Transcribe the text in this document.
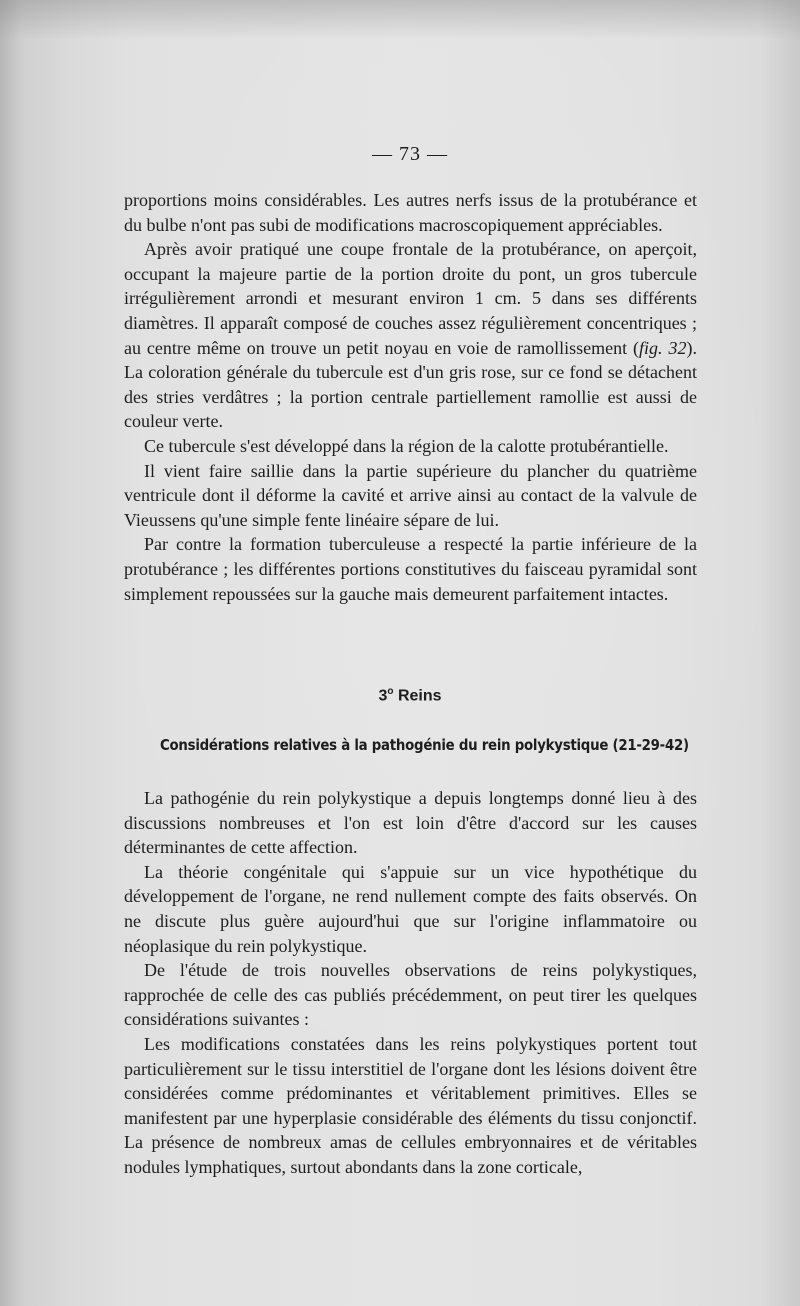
— 73 —

proportions moins considérables. Les autres nerfs issus de la protubérance et du bulbe n'ont pas subi de modifications macroscopiquement appréciables.

Après avoir pratiqué une coupe frontale de la protubérance, on aperçoit, occupant la majeure partie de la portion droite du pont, un gros tubercule irrégulièrement arrondi et mesurant environ 1 cm. 5 dans ses différents diamètres. Il apparaît composé de couches assez régulièrement concentriques ; au centre même on trouve un petit noyau en voie de ramollissement (fig. 32). La coloration générale du tubercule est d'un gris rose, sur ce fond se détachent des stries verdâtres ; la portion centrale partiellement ramollie est aussi de couleur verte.

Ce tubercule s'est développé dans la région de la calotte protubérantielle.

Il vient faire saillie dans la partie supérieure du plancher du quatrième ventricule dont il déforme la cavité et arrive ainsi au contact de la valvule de Vieussens qu'une simple fente linéaire sépare de lui.

Par contre la formation tuberculeuse a respecté la partie inférieure de la protubérance ; les différentes portions constitutives du faisceau pyramidal sont simplement repoussées sur la gauche mais demeurent parfaitement intactes.

3$^o$ Reins
Considérations relatives à la pathogénie du rein polykystique (21-29-42)

La pathogénie du rein polykystique a depuis longtemps donné lieu à des discussions nombreuses et l'on est loin d'être d'accord sur les causes déterminantes de cette affection.

La théorie congénitale qui s'appuie sur un vice hypothétique du développement de l'organe, ne rend nullement compte des faits observés. On ne discute plus guère aujourd'hui que sur l'origine inflammatoire ou néoplasique du rein polykystique.

De l'étude de trois nouvelles observations de reins polykystiques, rapprochée de celle des cas publiés précédemment, on peut tirer les quelques considérations suivantes :

Les modifications constatées dans les reins polykystiques portent tout particulièrement sur le tissu interstitiel de l'organe dont les lésions doivent être considérées comme prédominantes et véritablement primitives. Elles se manifestent par une hyperplasie considérable des éléments du tissu conjonctif. La présence de nombreux amas de cellules embryonnaires et de véritables nodules lymphatiques, surtout abondants dans la zone corticale,
